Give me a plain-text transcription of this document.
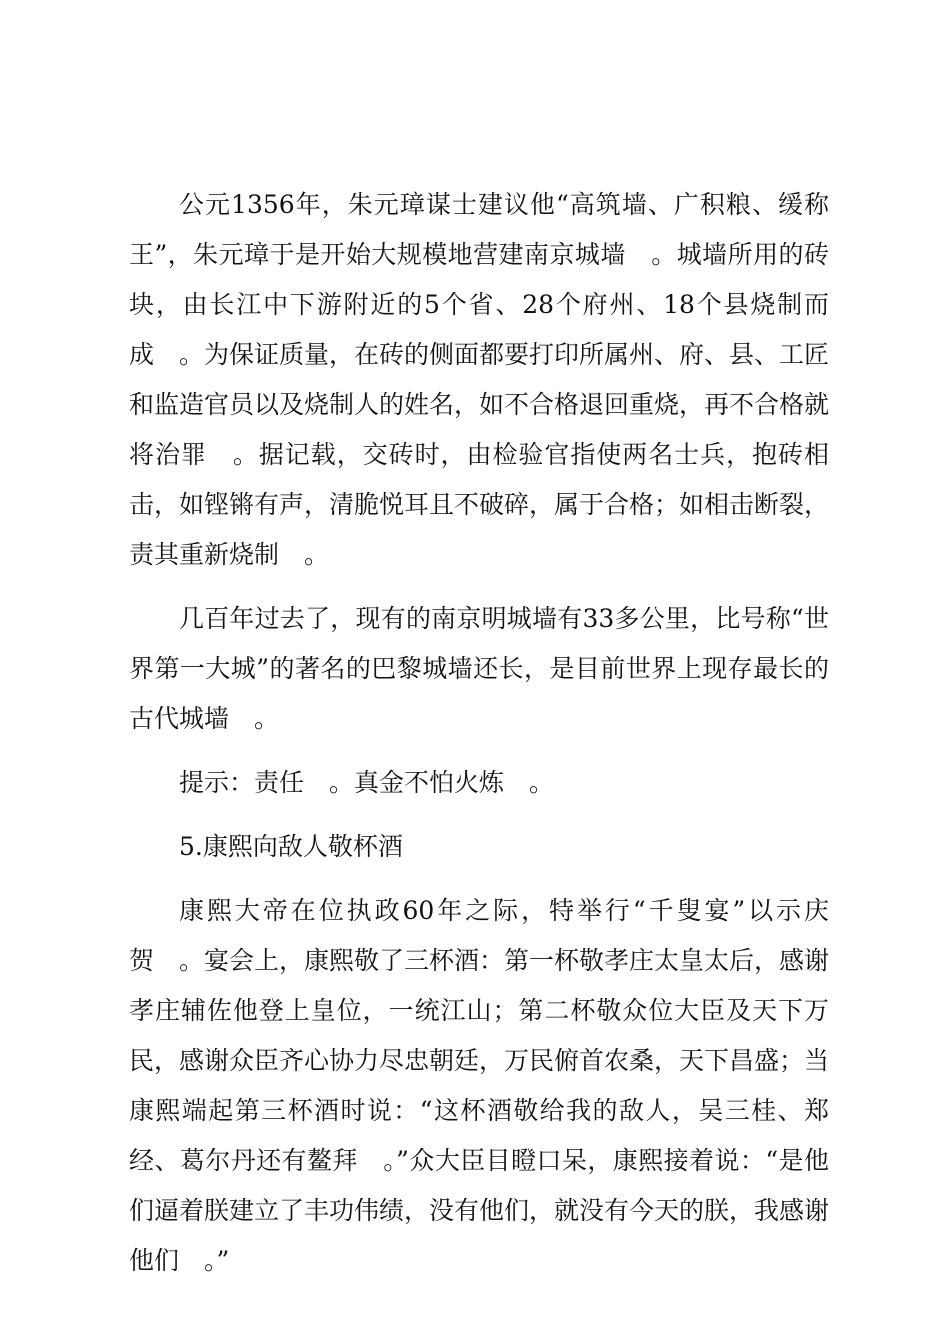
公元1356年，朱元璋谋士建议他“高筑墙、广积粮、缓称王”，朱元璋于是开始大规模地营建南京城墙　。城墙所用的砖块，由长江中下游附近的5个省、28个府州、18个县烧制而成　。为保证质量，在砖的侧面都要打印所属州、府、县、工匠和监造官员以及烧制人的姓名，如不合格退回重烧，再不合格就将治罪　。据记载，交砖时，由检验官指使两名士兵，抱砖相击，如铿锵有声，清脆悦耳且不破碎，属于合格；如相击断裂，责其重新烧制　。

几百年过去了，现有的南京明城墙有33多公里，比号称“世界第一大城”的著名的巴黎城墙还长，是目前世界上现存最长的古代城墙　。

提示：责任　。真金不怕火炼　。

5.康熙向敌人敬杯酒

康熙大帝在位执政60年之际，特举行“千叟宴”以示庆贺　。宴会上，康熙敬了三杯酒：第一杯敬孝庄太皇太后，感谢孝庄辅佐他登上皇位，一统江山；第二杯敬众位大臣及天下万民，感谢众臣齐心协力尽忠朝廷，万民俯首农桑，天下昌盛；当康熙端起第三杯酒时说：“这杯酒敬给我的敌人，吴三桂、郑经、葛尔丹还有鳌拜　。”众大臣目瞪口呆，康熙接着说：“是他们逼着朕建立了丰功伟绩，没有他们，就没有今天的朕，我感谢他们　。”
